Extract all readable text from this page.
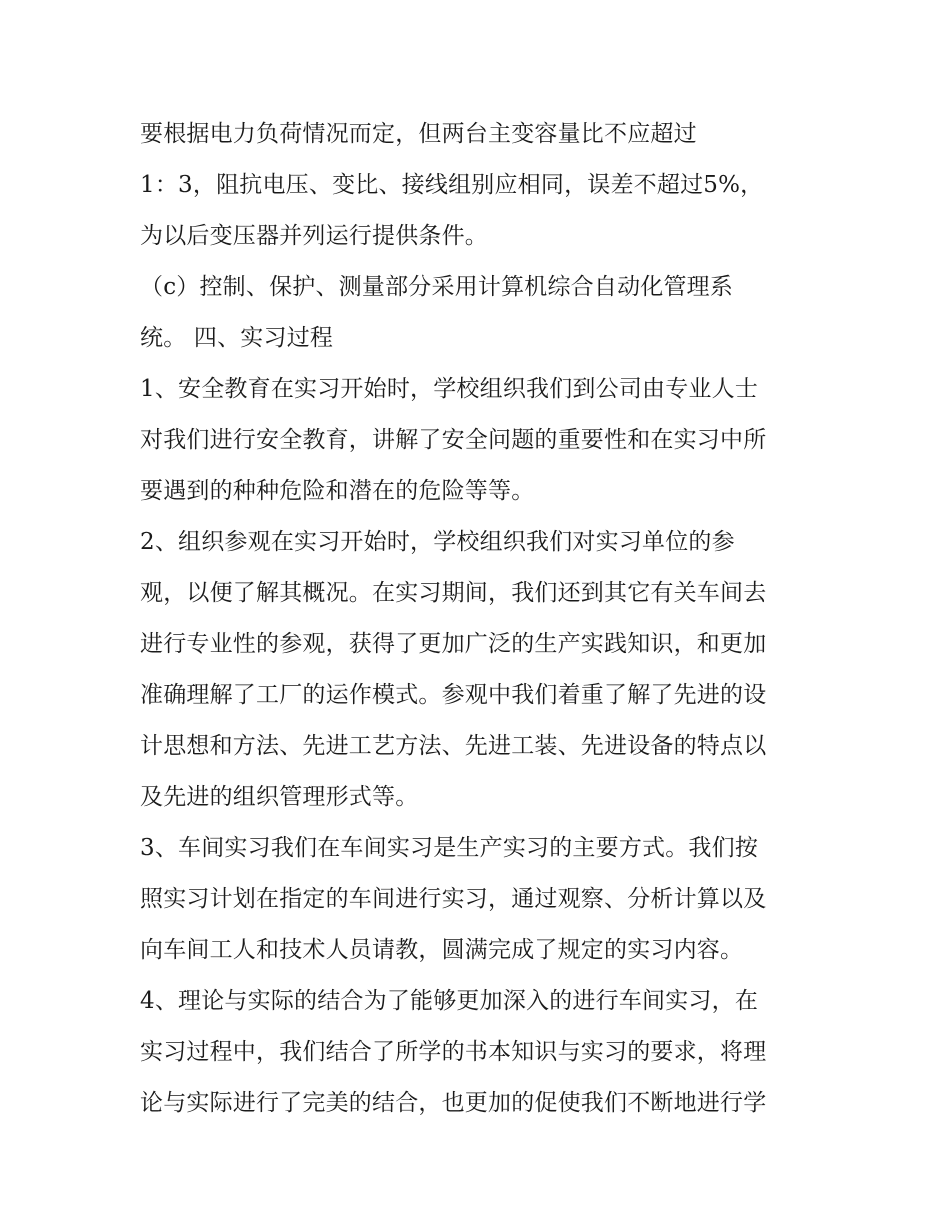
要根据电力负荷情况而定，但两台主变容量比不应超过
1：3，阻抗电压、变比、接线组别应相同，误差不超过5%，
为以后变压器并列运行提供条件。
（c）控制、保护、测量部分采用计算机综合自动化管理系
统。 四、实习过程
1、安全教育在实习开始时，学校组织我们到公司由专业人士
对我们进行安全教育，讲解了安全问题的重要性和在实习中所
要遇到的种种危险和潜在的危险等等。
2、组织参观在实习开始时，学校组织我们对实习单位的参
观，以便了解其概况。在实习期间，我们还到其它有关车间去
进行专业性的参观，获得了更加广泛的生产实践知识，和更加
准确理解了工厂的运作模式。参观中我们着重了解了先进的设
计思想和方法、先进工艺方法、先进工装、先进设备的特点以
及先进的组织管理形式等。
3、车间实习我们在车间实习是生产实习的主要方式。我们按
照实习计划在指定的车间进行实习，通过观察、分析计算以及
向车间工人和技术人员请教，圆满完成了规定的实习内容。
4、理论与实际的结合为了能够更加深入的进行车间实习，在
实习过程中，我们结合了所学的书本知识与实习的要求，将理
论与实际进行了完美的结合，也更加的促使我们不断地进行学
